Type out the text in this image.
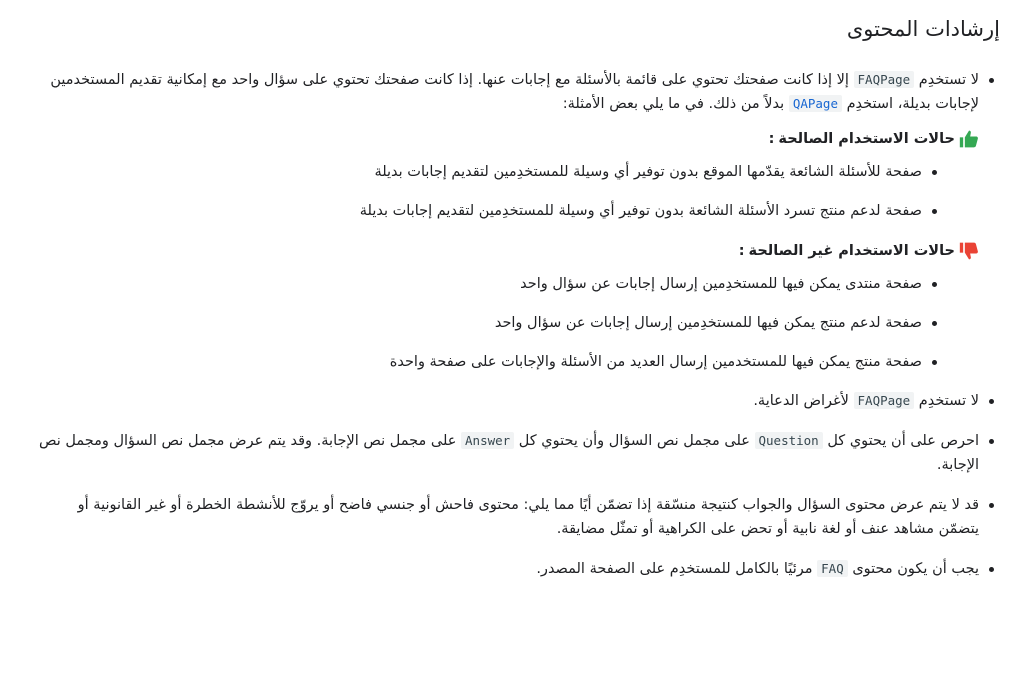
إرشادات المحتوى
لا تستخدِم FAQPage إلا إذا كانت صفحتك تحتوي على قائمة بالأسئلة مع إجابات عنها. إذا كانت صفحتك تحتوي على سؤال واحد مع إمكانية تقديم المستخدمين لإجابات بديلة، استخدِم QAPage بدلاً من ذلك. في ما يلي بعض الأمثلة:
حالات الاستخدام الصالحة
:
صفحة للأسئلة الشائعة يقدّمها الموقع بدون توفير أي وسيلة للمستخدِمين لتقديم إجابات بديلة
صفحة لدعم منتج تسرد الأسئلة الشائعة بدون توفير أي وسيلة للمستخدِمين لتقديم إجابات بديلة
حالات الاستخدام غير الصالحة
:
صفحة منتدى يمكن فيها للمستخدِمين إرسال إجابات عن سؤال واحد
صفحة لدعم منتج يمكن فيها للمستخدِمين إرسال إجابات عن سؤال واحد
صفحة منتج يمكن فيها للمستخدمين إرسال العديد من الأسئلة والإجابات على صفحة واحدة
لا تستخدِم FAQPage لأغراض الدعاية.
احرص على أن يحتوي كل Question على مجمل نص السؤال وأن يحتوي كل Answer على مجمل نص الإجابة. وقد يتم عرض مجمل نص السؤال ومجمل نص الإجابة.
قد لا يتم عرض محتوى السؤال والجواب كنتيجة منسّقة إذا تضمّن أيًا مما يلي: محتوى فاحش أو جنسي فاضح أو يروّج للأنشطة الخطرة أو غير القانونية أو يتضمّن مشاهد عنف أو لغة نابية أو تحض على الكراهية أو تمثّل مضايقة.
يجب أن يكون محتوى FAQ مرئيًا بالكامل للمستخدِم على الصفحة المصدر.
